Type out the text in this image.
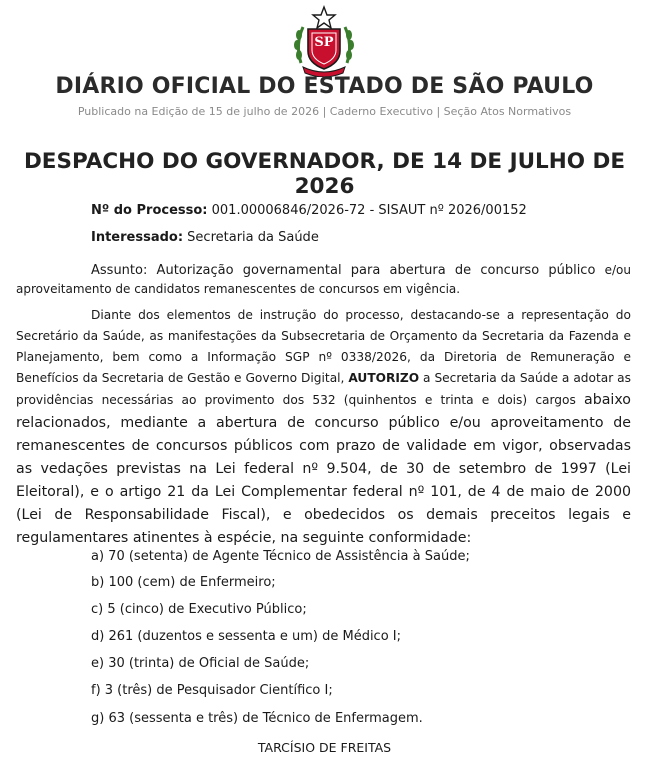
SP
DIÁRIO OFICIAL DO ESTADO DE SÃO PAULO
Publicado na Edição de 15 de julho de 2026 | Caderno Executivo | Seção Atos Normativos
DESPACHO DO GOVERNADOR, DE 14 DE JULHO DE 2026
Nº do Processo: 001.00006846/2026-72 - SISAUT nº 2026/00152
Interessado: Secretaria da Saúde
Assunto: Autorização governamental para abertura de concurso público e/ou aproveitamento de candidatos remanescentes de concursos em vigência.
Diante dos elementos de instrução do processo, destacando-se a representação do Secretário da Saúde, as manifestações da Subsecretaria de Orçamento da Secretaria da Fazenda e Planejamento, bem como a Informação SGP nº 0338/2026, da Diretoria de Remuneração e Benefícios da Secretaria de Gestão e Governo Digital, AUTORIZO a Secretaria da Saúde a adotar as providências necessárias ao provimento dos 532 (quinhentos e trinta e dois) cargos abaixo relacionados, mediante a abertura de concurso público e/ou aproveitamento de remanescentes de concursos públicos com prazo de validade em vigor, observadas as vedações previstas na Lei federal nº 9.504, de 30 de setembro de 1997 (Lei Eleitoral), e o artigo 21 da Lei Complementar federal nº 101, de 4 de maio de 2000 (Lei de Responsabilidade Fiscal), e obedecidos os demais preceitos legais e regulamentares atinentes à espécie, na seguinte conformidade:
a) 70 (setenta) de Agente Técnico de Assistência à Saúde;
b) 100 (cem) de Enfermeiro;
c) 5 (cinco) de Executivo Público;
d) 261 (duzentos e sessenta e um) de Médico I;
e) 30 (trinta) de Oficial de Saúde;
f) 3 (três) de Pesquisador Científico I;
g) 63 (sessenta e três) de Técnico de Enfermagem.
TARCÍSIO DE FREITAS
